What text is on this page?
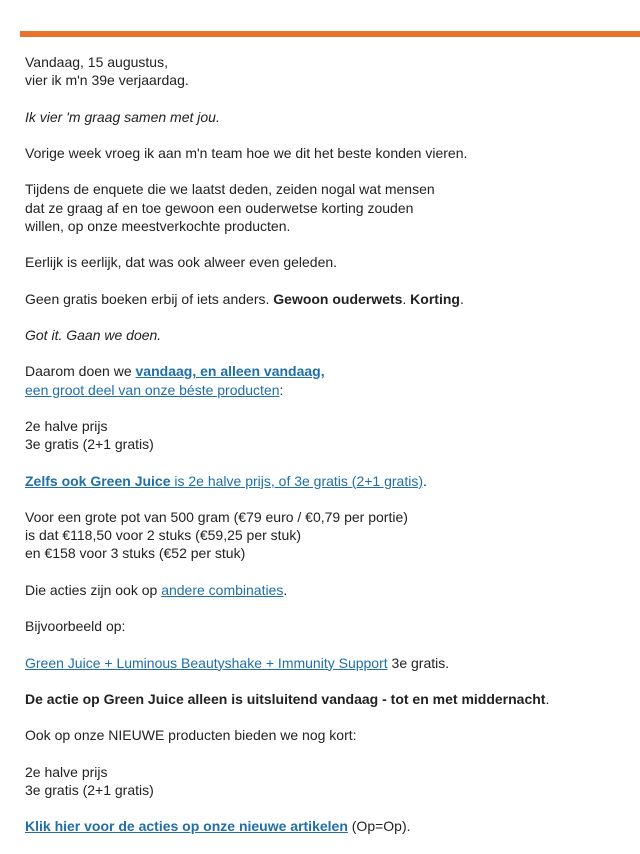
Vandaag, 15 augustus,
vier ik m'n 39e verjaardag.

Ik vier 'm graag samen met jou.

Vorige week vroeg ik aan m'n team hoe we dit het beste konden vieren.

Tijdens de enquete die we laatst deden, zeiden nogal wat mensen
dat ze graag af en toe gewoon een ouderwetse korting zouden
willen, op onze meestverkochte producten.

Eerlijk is eerlijk, dat was ook alweer even geleden.

Geen gratis boeken erbij of iets anders. Gewoon ouderwets. Korting.

Got it. Gaan we doen.

Daarom doen we vandaag, en alleen vandaag,
een groot deel van onze béste producten:

2e halve prijs
3e gratis (2+1 gratis)

Zelfs ook Green Juice is 2e halve prijs, of 3e gratis (2+1 gratis).

Voor een grote pot van 500 gram (€79 euro / €0,79 per portie)
is dat €118,50 voor 2 stuks (€59,25 per stuk)
en €158 voor 3 stuks (€52 per stuk)

Die acties zijn ook op andere combinaties.

Bijvoorbeeld op:

Green Juice + Luminous Beautyshake + Immunity Support 3e gratis.

De actie op Green Juice alleen is uitsluitend vandaag - tot en met middernacht.

Ook op onze NIEUWE producten bieden we nog kort:

2e halve prijs
3e gratis (2+1 gratis)

Klik hier voor de acties op onze nieuwe artikelen (Op=Op).
